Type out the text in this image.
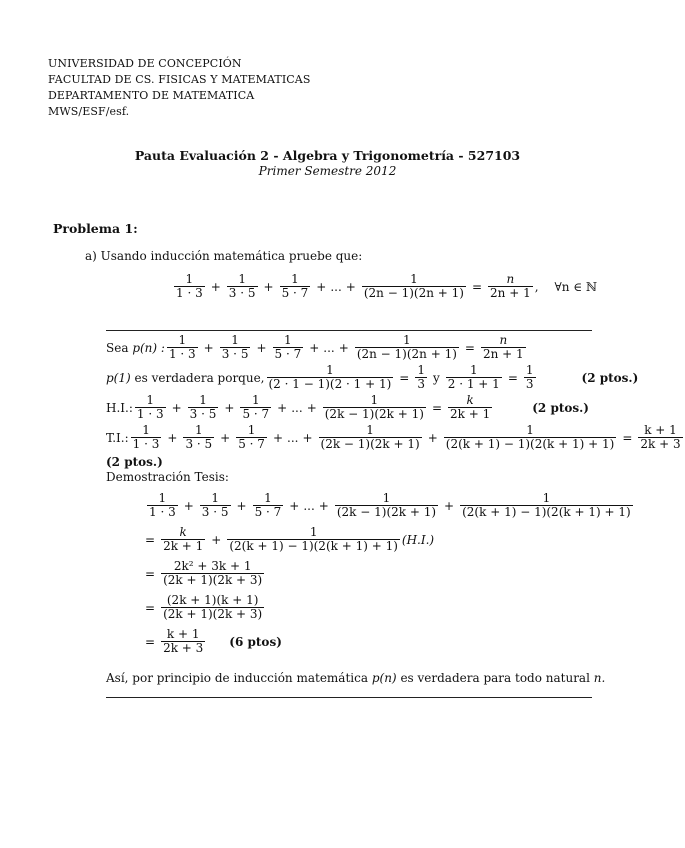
UNIVERSIDAD DE CONCEPCIÓN
FACULTAD DE CS. FISICAS Y MATEMATICAS
DEPARTAMENTO DE MATEMATICA
MWS/ESF/esf.
Pauta Evaluación 2 - Algebra y Trigonometría - 527103
Primer Semestre 2012
Problema 1:
a) Usando inducción matemática pruebe que:
$\frac{1}{1 \cdot 3} + \frac{1}{3 \cdot 5} + \frac{1}{5 \cdot 7}$ + ... + $\frac{1}{(2n - 1)(2n + 1)} = \frac{n}{2n + 1}$ , ∀n ∈ ℕ
Sea
p(n) : $\frac{1}{1 \cdot 3} + \frac{1}{3 \cdot 5} + \frac{1}{5 \cdot 7}$ + ... + $\frac{1}{(2n - 1)(2n + 1)} = \frac{n}{2n + 1}$
p(1)
es verdadera porque, $\frac{1}{(2 \cdot 1 - 1)(2 \cdot 1 + 1)} = \frac{1}{3}$ y $\frac{1}{2 \cdot 1 + 1} = \frac{1}{3}$	(2 ptos.)
H.I.: $\frac{1}{1 \cdot 3} + \frac{1}{3 \cdot 5} + \frac{1}{5 \cdot 7}$ + ... + $\frac{1}{(2k - 1)(2k + 1)} = \frac{k}{2k + 1}$	(2 ptos.)
T.I.: $\frac{1}{1 \cdot 3} + \frac{1}{3 \cdot 5} + \frac{1}{5 \cdot 7}$ + ... + $\frac{1}{(2k - 1)(2k + 1)} + \frac{1}{(2(k + 1) - 1)(2(k + 1) + 1)} = \frac{k + 1}{2k + 3}$
(2 ptos.)
Demostración Tesis:
$\frac{1}{1 \cdot 3} + \frac{1}{3 \cdot 5} + \frac{1}{5 \cdot 7}$ + ... + $\frac{1}{(2k - 1)(2k + 1)} + \frac{1}{(2(k + 1) - 1)(2(k + 1) + 1)}$
= $\frac{k}{2k + 1} + \frac{1}{(2(k + 1) - 1)(2(k + 1) + 1)} (H.I.)$
= $\frac{\text{2k² + 3k + 1}}{(2k + 1)(2k + 3)}$
= $\frac{(2k + 1)(k + 1)}{(2k + 1)(2k + 3)}$
= $\frac{k + 1}{2k + 3} (6$ ptos)
Así, por principio de inducción matemática p(n) es verdadera para todo natural n.
